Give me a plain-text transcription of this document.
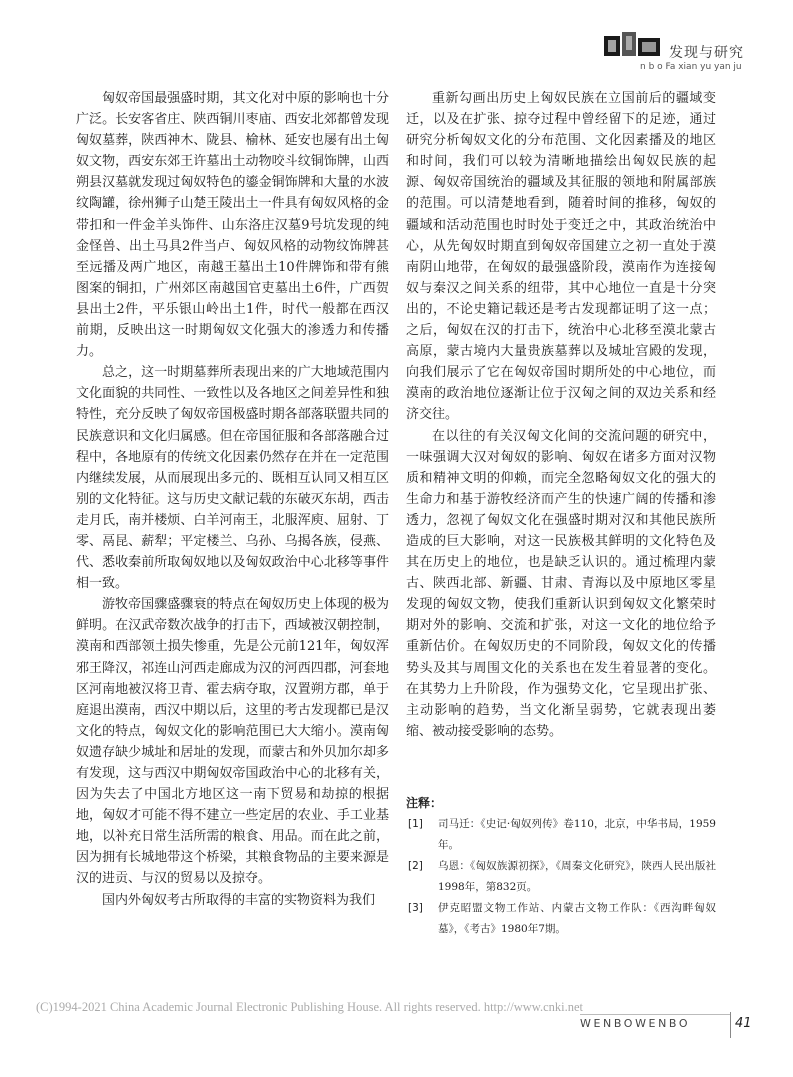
发现与研究
n b o Fa xian yu yan ju

匈奴帝国最强盛时期，其文化对中原的影响也十分广泛。长安客省庄、陕西铜川枣庙、西安北郊都曾发现匈奴墓葬，陕西神木、陇县、榆林、延安也屡有出土匈奴文物，西安东郊王许墓出土动物咬斗纹铜饰牌，山西朔县汉墓就发现过匈奴特色的鎏金铜饰牌和大量的水波纹陶罐，徐州狮子山楚王陵出土一件具有匈奴风格的金带扣和一件金羊头饰件、山东洛庄汉墓9号坑发现的纯金怪兽、出土马具2件当卢、匈奴风格的动物纹饰牌甚至远播及两广地区，南越王墓出土10件牌饰和带有熊图案的铜扣，广州郊区南越国官吏墓出土6件，广西贺县出土2件，平乐银山岭出土1件，时代一般都在西汉前期，反映出这一时期匈奴文化强大的渗透力和传播力。

总之，这一时期墓葬所表现出来的广大地域范围内文化面貌的共同性、一致性以及各地区之间差异性和独特性，充分反映了匈奴帝国极盛时期各部落联盟共同的民族意识和文化归属感。但在帝国征服和各部落融合过程中，各地原有的传统文化因素仍然存在并在一定范围内继续发展，从而展现出多元的、既相互认同又相互区别的文化特征。这与历史文献记载的东破灭东胡，西击走月氏，南并楼烦、白羊河南王，北服浑庾、屈射、丁零、鬲昆、薪犁；平定楼兰、乌孙、乌揭各族，侵燕、代、悉收秦前所取匈奴地以及匈奴政治中心北移等事件相一致。

游牧帝国骤盛骤衰的特点在匈奴历史上体现的极为鲜明。在汉武帝数次战争的打击下，西域被汉朝控制，漠南和西部领土损失惨重，先是公元前121年，匈奴浑邪王降汉，祁连山河西走廊成为汉的河西四郡，河套地区河南地被汉将卫青、霍去病夺取，汉置朔方郡，单于庭退出漠南，西汉中期以后，这里的考古发现都已是汉文化的特点，匈奴文化的影响范围已大大缩小。漠南匈奴遗存缺少城址和居址的发现，而蒙古和外贝加尔却多有发现，这与西汉中期匈奴帝国政治中心的北移有关，因为失去了中国北方地区这一南下贸易和劫掠的根据地，匈奴才可能不得不建立一些定居的农业、手工业基地，以补充日常生活所需的粮食、用品。而在此之前，因为拥有长城地带这个桥梁，其粮食物品的主要来源是汉的进贡、与汉的贸易以及掠夺。

国内外匈奴考古所取得的丰富的实物资料为我们

重新勾画出历史上匈奴民族在立国前后的疆域变迁，以及在扩张、掠夺过程中曾经留下的足迹，通过研究分析匈奴文化的分布范围、文化因素播及的地区和时间，我们可以较为清晰地描绘出匈奴民族的起源、匈奴帝国统治的疆域及其征服的领地和附属部族的范围。可以清楚地看到，随着时间的推移，匈奴的疆域和活动范围也时时处于变迁之中，其政治统治中心，从先匈奴时期直到匈奴帝国建立之初一直处于漠南阴山地带，在匈奴的最强盛阶段，漠南作为连接匈奴与秦汉之间关系的纽带，其中心地位一直是十分突出的，不论史籍记载还是考古发现都证明了这一点；之后，匈奴在汉的打击下，统治中心北移至漠北蒙古高原，蒙古境内大量贵族墓葬以及城址宫殿的发现，向我们展示了它在匈奴帝国时期所处的中心地位，而漠南的政治地位逐渐让位于汉匈之间的双边关系和经济交往。

在以往的有关汉匈文化间的交流问题的研究中，一味强调大汉对匈奴的影响、匈奴在诸多方面对汉物质和精神文明的仰赖，而完全忽略匈奴文化的强大的生命力和基于游牧经济而产生的快速广阔的传播和渗透力，忽视了匈奴文化在强盛时期对汉和其他民族所造成的巨大影响，对这一民族极其鲜明的文化特色及其在历史上的地位，也是缺乏认识的。通过梳理内蒙古、陕西北部、新疆、甘肃、青海以及中原地区零星发现的匈奴文物，使我们重新认识到匈奴文化繁荣时期对外的影响、交流和扩张，对这一文化的地位给予重新估价。在匈奴历史的不同阶段，匈奴文化的传播势头及其与周围文化的关系也在发生着显著的变化。在其势力上升阶段，作为强势文化，它呈现出扩张、主动影响的趋势，当文化渐呈弱势，它就表现出萎缩、被动接受影响的态势。

注释：
[1] 司马迁：《史记·匈奴列传》卷110，北京，中华书局，1959年。
[2] 乌恩：《匈奴族源初探》，《周秦文化研究》，陕西人民出版社1998年，第832页。
[3] 伊克昭盟文物工作站、内蒙古文物工作队：《西沟畔匈奴墓》，《考古》1980年7期。
(C)1994-2021 China Academic Journal Electronic Publishing House. All rights reserved. http://www.cnki.net
WENBOWENBO	41
